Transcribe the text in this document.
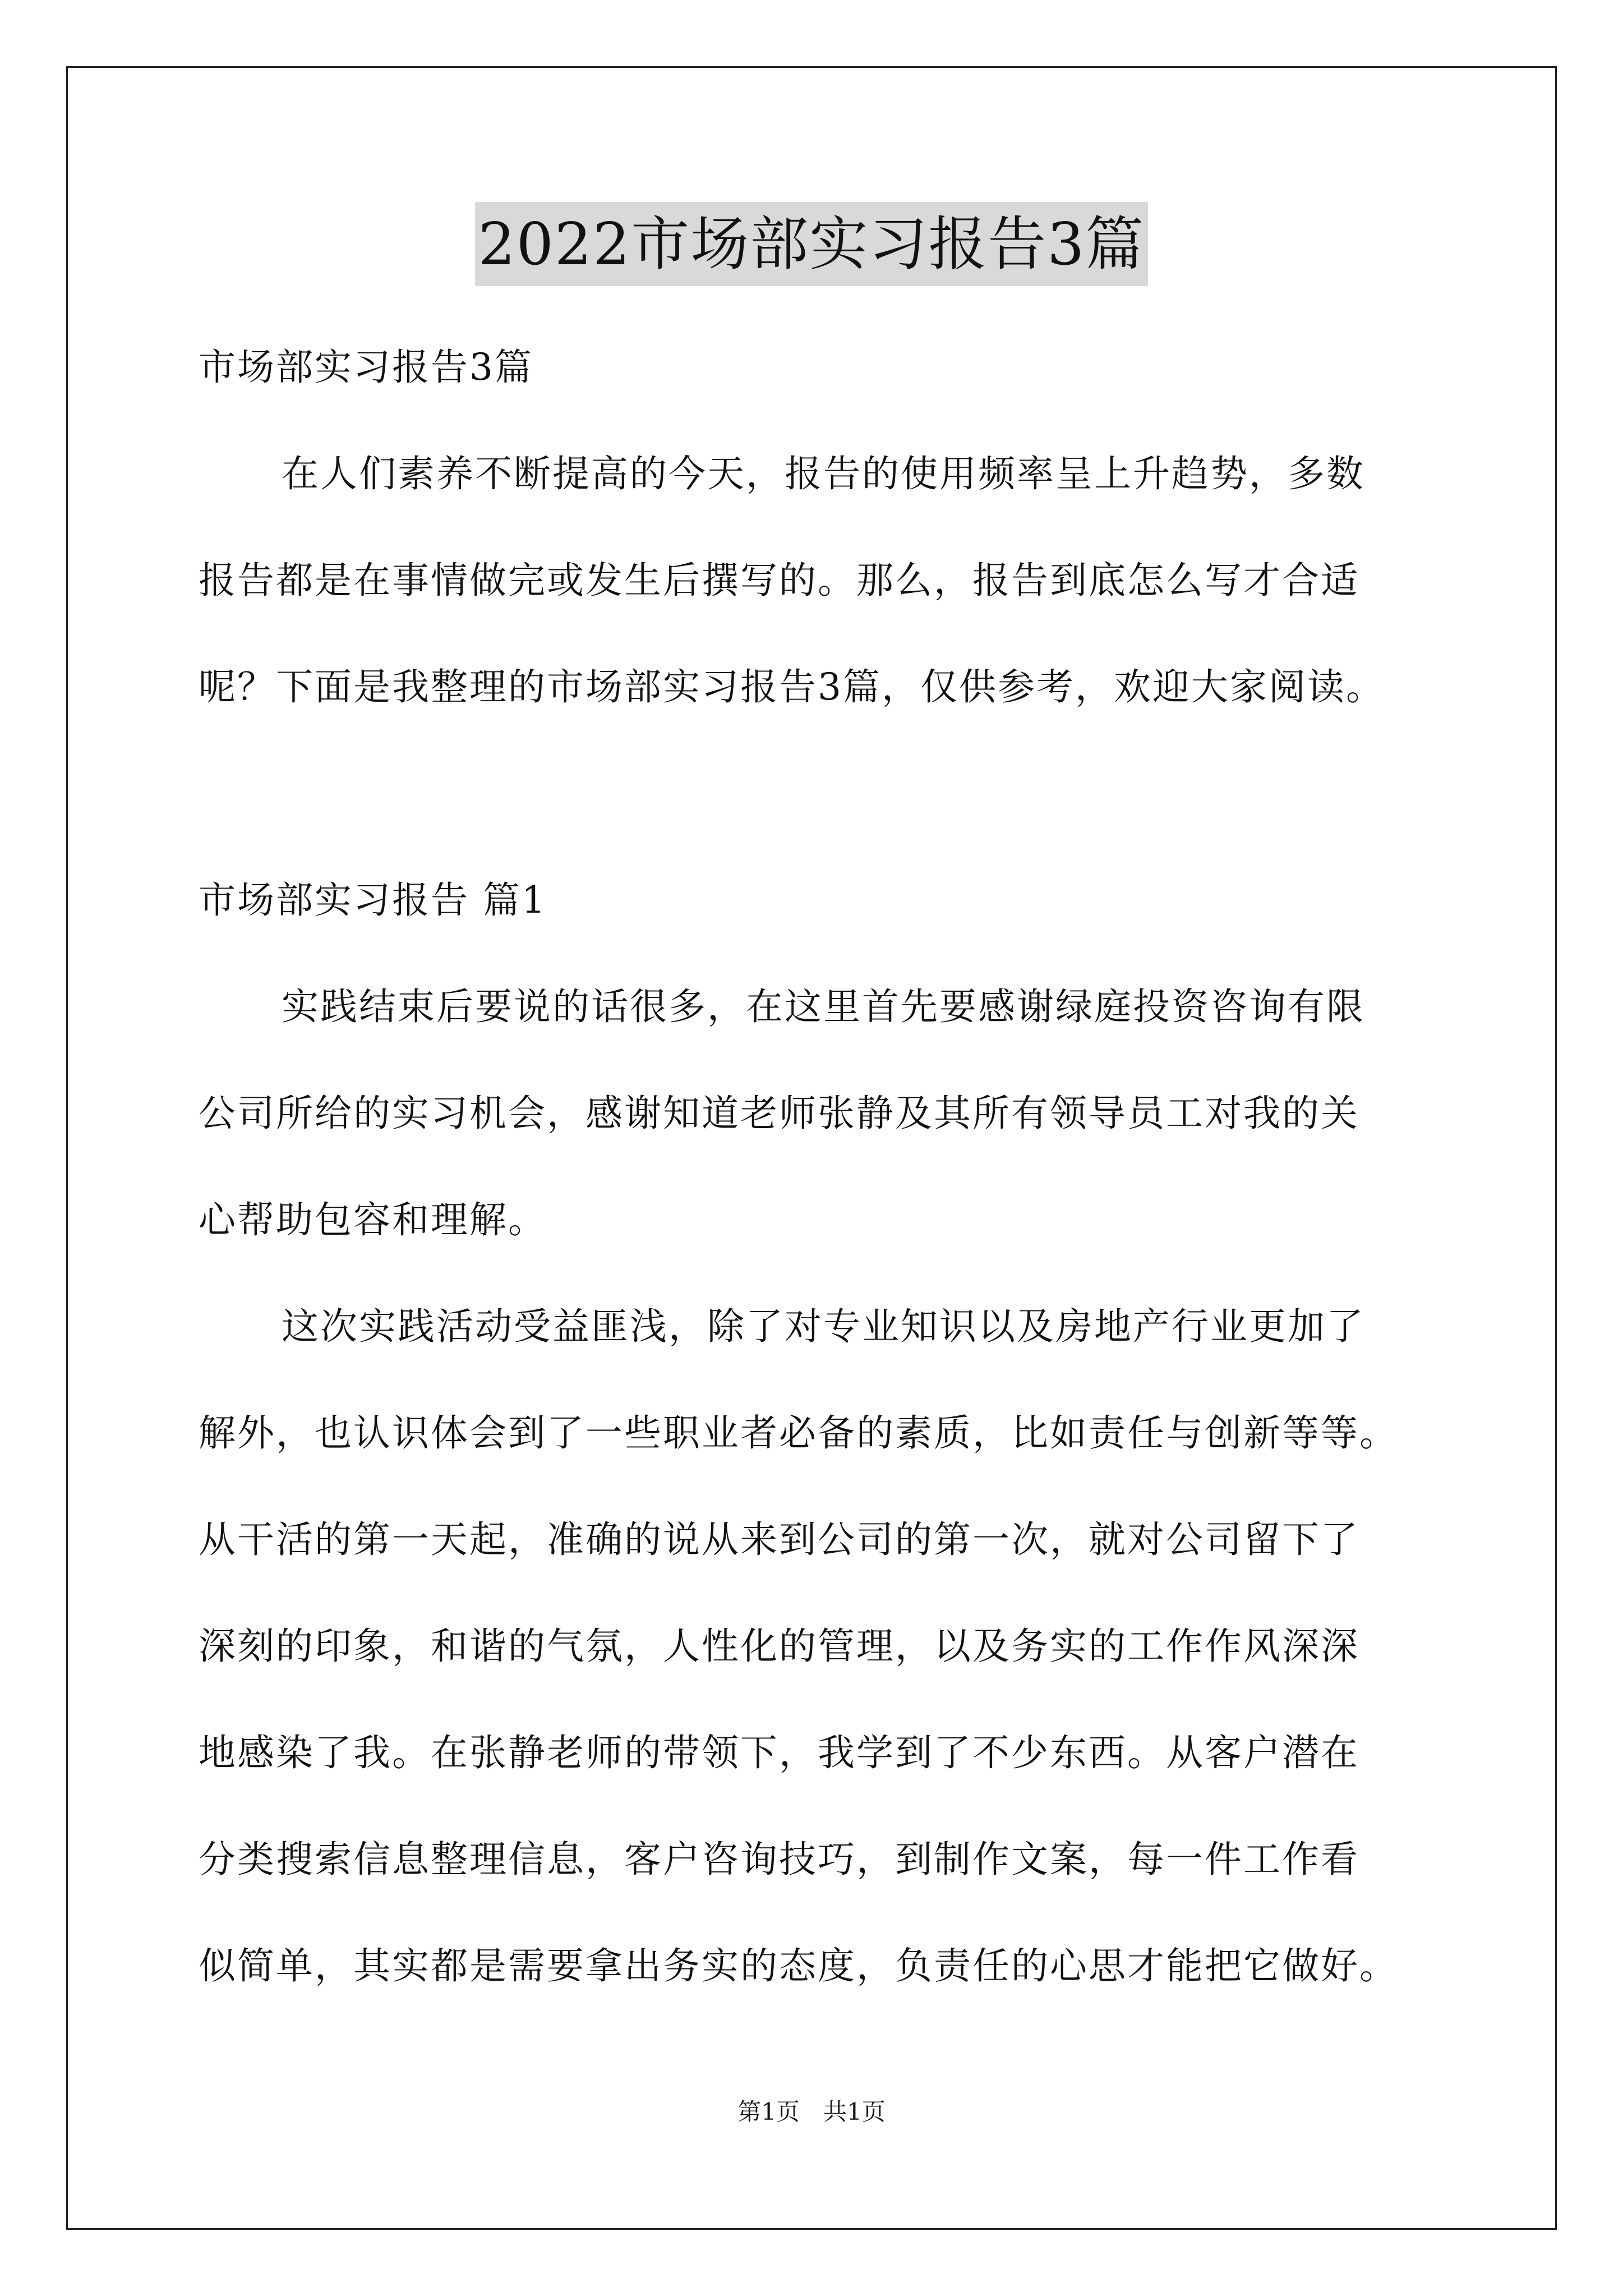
2022市场部实习报告3篇
市场部实习报告3篇
在人们素养不断提高的今天，报告的使用频率呈上升趋势，多数
报告都是在事情做完或发生后撰写的。那么，报告到底怎么写才合适
呢？下面是我整理的市场部实习报告3篇，仅供参考，欢迎大家阅读。
市场部实习报告 篇1
实践结束后要说的话很多，在这里首先要感谢绿庭投资咨询有限
公司所给的实习机会，感谢知道老师张静及其所有领导员工对我的关
心帮助包容和理解。
这次实践活动受益匪浅，除了对专业知识以及房地产行业更加了
解外，也认识体会到了一些职业者必备的素质，比如责任与创新等等。
从干活的第一天起，准确的说从来到公司的第一次，就对公司留下了
深刻的印象，和谐的气氛，人性化的管理，以及务实的工作作风深深
地感染了我。在张静老师的带领下，我学到了不少东西。从客户潜在
分类搜索信息整理信息，客户咨询技巧，到制作文案，每一件工作看
似简单，其实都是需要拿出务实的态度，负责任的心思才能把它做好。
第1页　共1页
